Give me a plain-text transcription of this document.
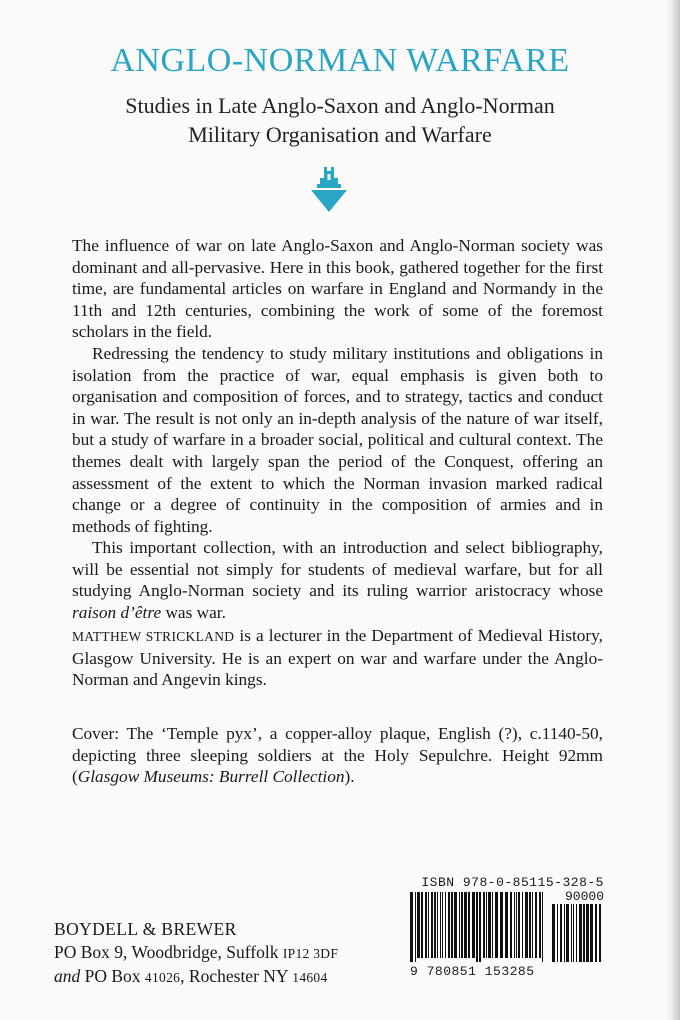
ANGLO-NORMAN WARFARE
Studies in Late Anglo-Saxon and Anglo-Norman
Military Organisation and Warfare

The influence of war on late Anglo-Saxon and Anglo-Norman society was dominant and all-pervasive. Here in this book, gathered together for the first time, are fundamental articles on warfare in England and Normandy in the 11th and 12th centuries, combining the work of some of the foremost scholars in the field.

Redressing the tendency to study military institutions and obligations in isolation from the practice of war, equal emphasis is given both to organisation and composition of forces, and to strategy, tactics and conduct in war. The result is not only an in-depth analysis of the nature of war itself, but a study of warfare in a broader social, political and cultural context. The themes dealt with largely span the period of the Conquest, offering an assessment of the extent to which the Norman invasion marked radical change or a degree of continuity in the composition of armies and in methods of fighting.

This important collection, with an introduction and select bibliography, will be essential not simply for students of medieval warfare, but for all studying Anglo-Norman society and its ruling warrior aristocracy whose raison d’être was war.

MATTHEW STRICKLAND is a lecturer in the Department of Medieval History, Glasgow University. He is an expert on war and warfare under the Anglo-Norman and Angevin kings.

Cover: The ‘Temple pyx’, a copper-alloy plaque, English (?), c.1140-50, depicting three sleeping soldiers at the Holy Sepulchre. Height 92mm (Glasgow Museums: Burrell Collection).

ISBN 978-0-85115-328-5
90000
9 780851 153285
BOYDELL & BREWER
PO Box 9, Woodbridge, Suffolk IP12 3DF
and PO Box 41026, Rochester NY 14604
